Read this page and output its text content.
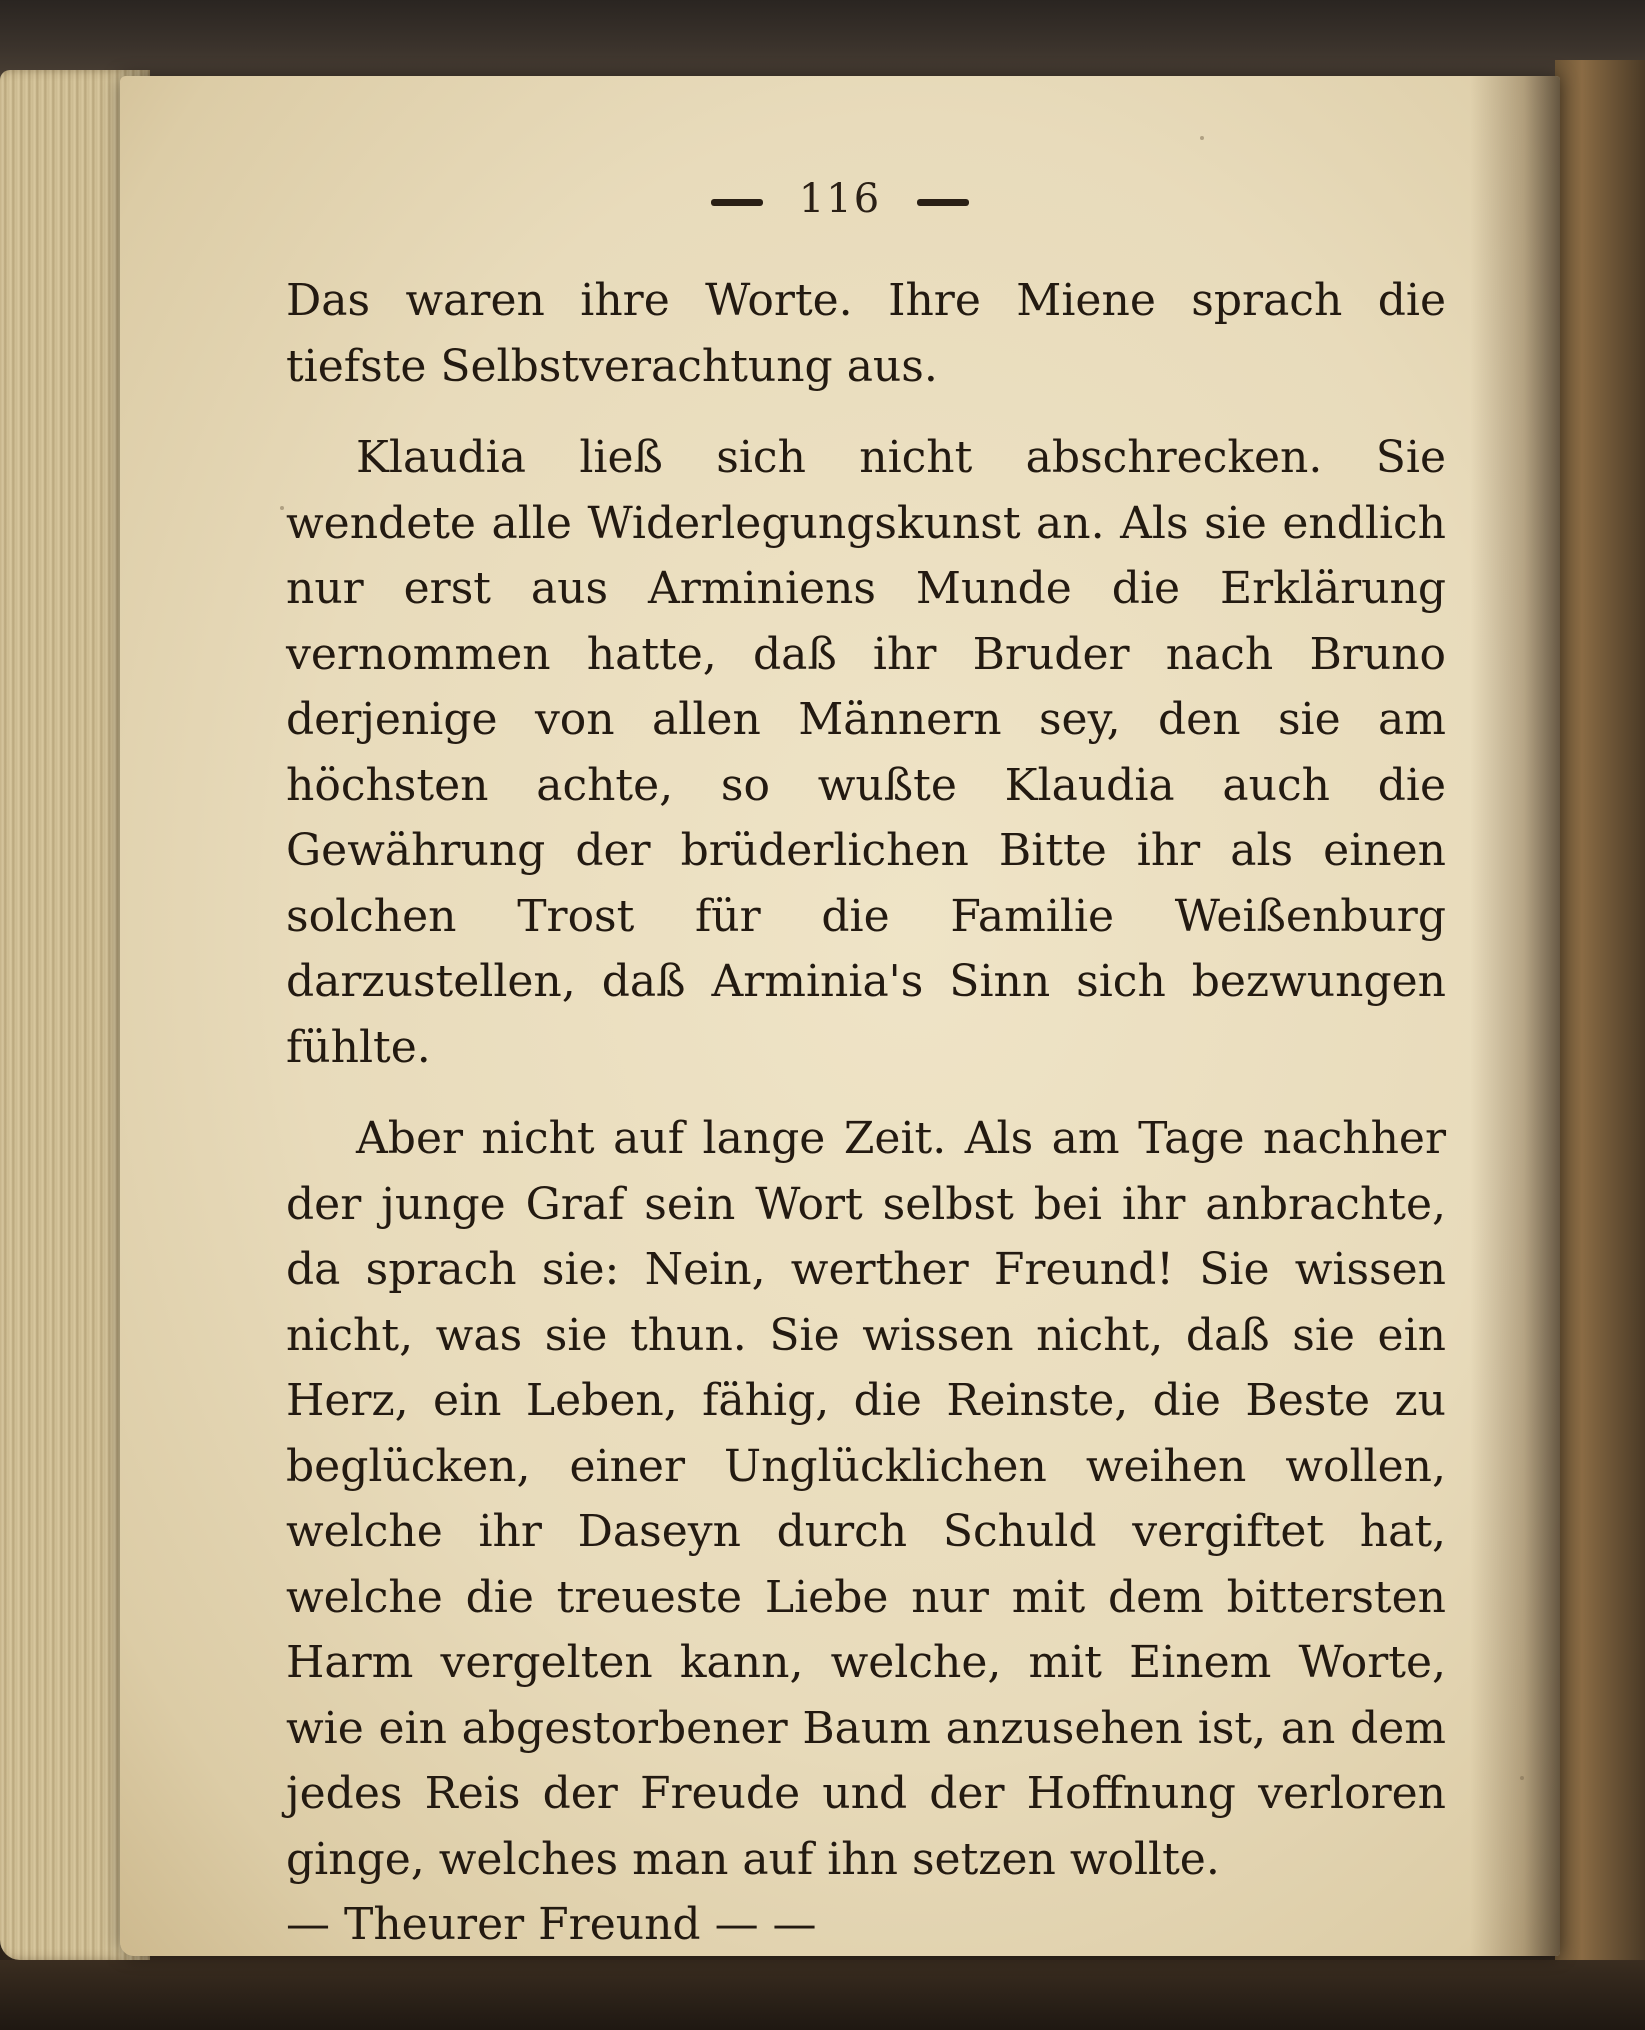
116

Das waren ihre Worte. Ihre Miene sprach die tiefste Selbstverachtung aus.

Klaudia ließ sich nicht abschrecken. Sie wendete alle Widerlegungskunst an. Als sie endlich nur erst aus Arminiens Munde die Erklärung vernommen hatte, daß ihr Bruder nach Bruno derjenige von allen Männern sey, den sie am höchsten achte, so wußte Klaudia auch die Gewährung der brüderlichen Bitte ihr als einen solchen Trost für die Familie Weißenburg darzustellen, daß Arminia's Sinn sich bezwungen fühlte.

Aber nicht auf lange Zeit. Als am Tage nachher der junge Graf sein Wort selbst bei ihr anbrachte, da sprach sie: Nein, werther Freund! Sie wissen nicht, was sie thun. Sie wissen nicht, daß sie ein Herz, ein Leben, fähig, die Reinste, die Beste zu beglücken, einer Unglücklichen weihen wollen, welche ihr Daseyn durch Schuld vergiftet hat, welche die treueste Liebe nur mit dem bittersten Harm vergelten kann, welche, mit Einem Worte, wie ein abgestorbener Baum anzusehen ist, an dem jedes Reis der Freude und der Hoffnung verloren ginge, welches man auf ihn setzen wollte.

— Theurer Freund — —
